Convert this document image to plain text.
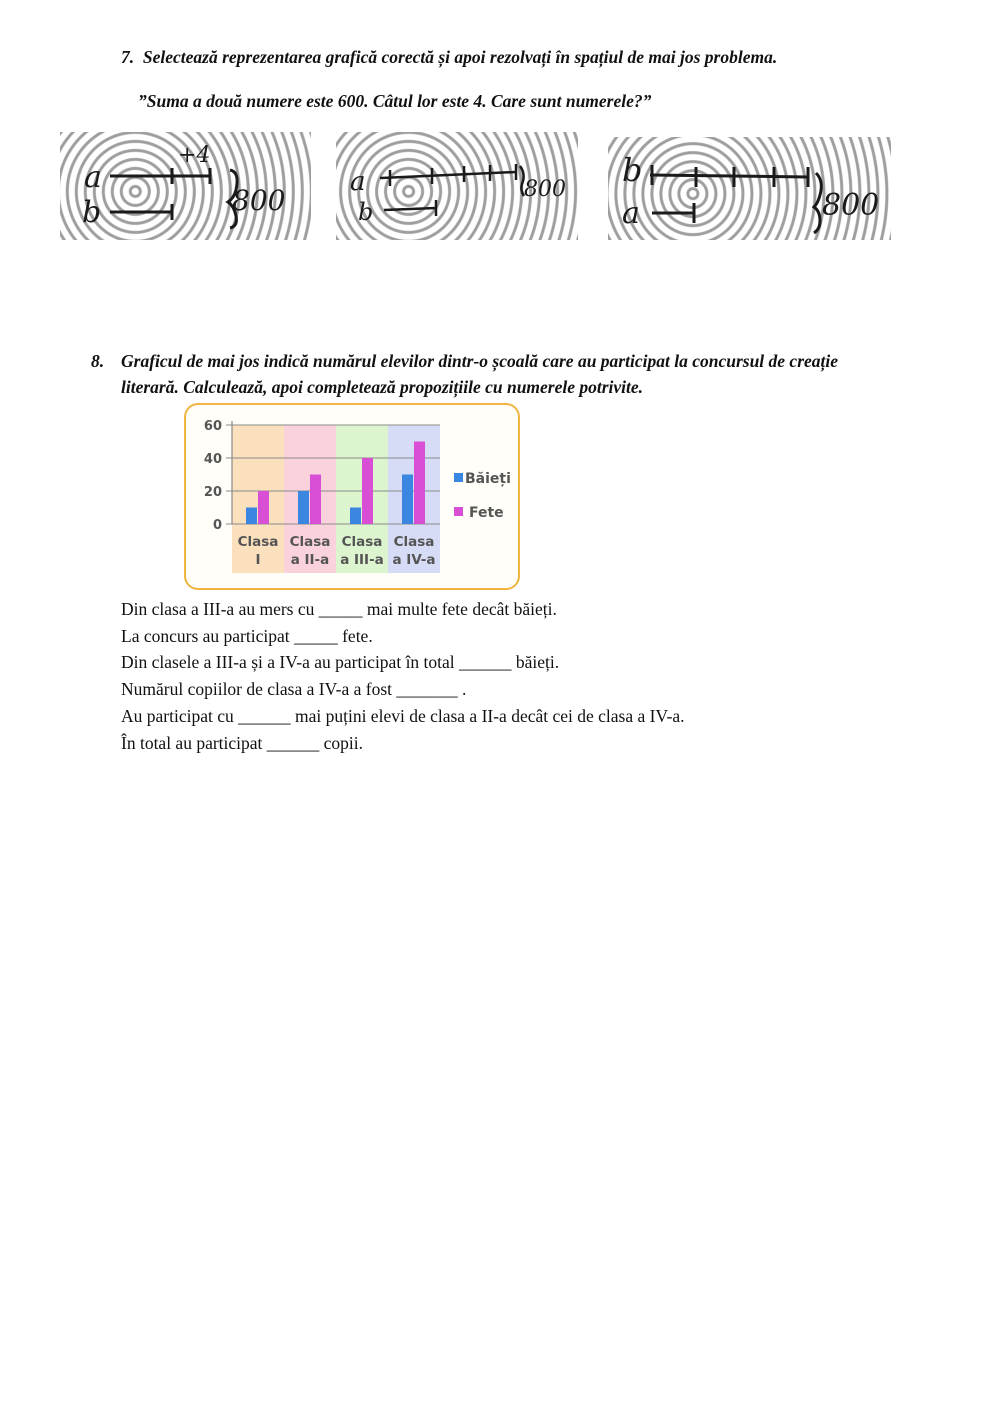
7. Selectează reprezentarea grafică corectă și apoi rezolvați în spațiul de mai jos problema.
”Suma a două numere este 600. Câtul lor este 4. Care sunt numerele?”
a
+4
b	800
a
b
800
b
a	800
8. Graficul de mai jos indică numărul elevilor dintr-o școală care au participat la concursul de creație
literară. Calculează, apoi completează propozițiile cu numerele potrivite.
0
20
40
60
Clasa
I
Clasa
a II-a
Clasa
a III-a
Clasa
a IV-a
Băieți
Fete
Din clasa a III-a au mers cu _____ mai multe fete decât băieți.
La concurs au participat _____ fete.
Din clasele a III-a și a IV-a au participat în total ______ băieți.
Numărul copiilor de clasa a IV-a a fost _______ .
Au participat cu ______ mai puțini elevi de clasa a II-a decât cei de clasa a IV-a.
În total au participat ______ copii.
